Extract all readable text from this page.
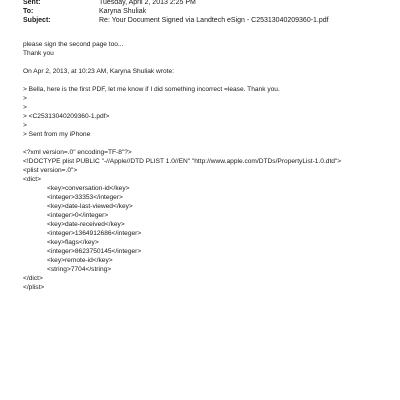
Sent:	Tuesday, April 2, 2013 2:25 PM
To:	Karyna Shuliak
Subject:	Re: Your Document Signed via Landtech eSign - C25313040209360-1.pdf
please sign the second page too...
Thank you
On Apr 2, 2013, at 10:23 AM, Karyna Shuliak wrote:
> Bella, here is the first PDF, let me know if I did something incorrect =lease. Thank you.
>
>
> <C25313040209360-1.pdf>
>
> Sent from my iPhone
<?xml version=.0" encoding=TF-8"?>
<!DOCTYPE plist PUBLIC "-//Apple//DTD PLIST 1.0//EN" "http://www.apple.com/DTDs/PropertyList-1.0.dtd">
<plist version=.0">
<dict>
<key>conversation-id</key>
<integer>33353</integer>
<key>date-last-viewed</key>
<integer>0</integer>
<key>date-received</key>
<integer>1364912686</integer>
<key>flags</key>
<integer>8623750145</integer>
<key>remote-id</key>
<string>7704</string>
</dict>
</plist>
